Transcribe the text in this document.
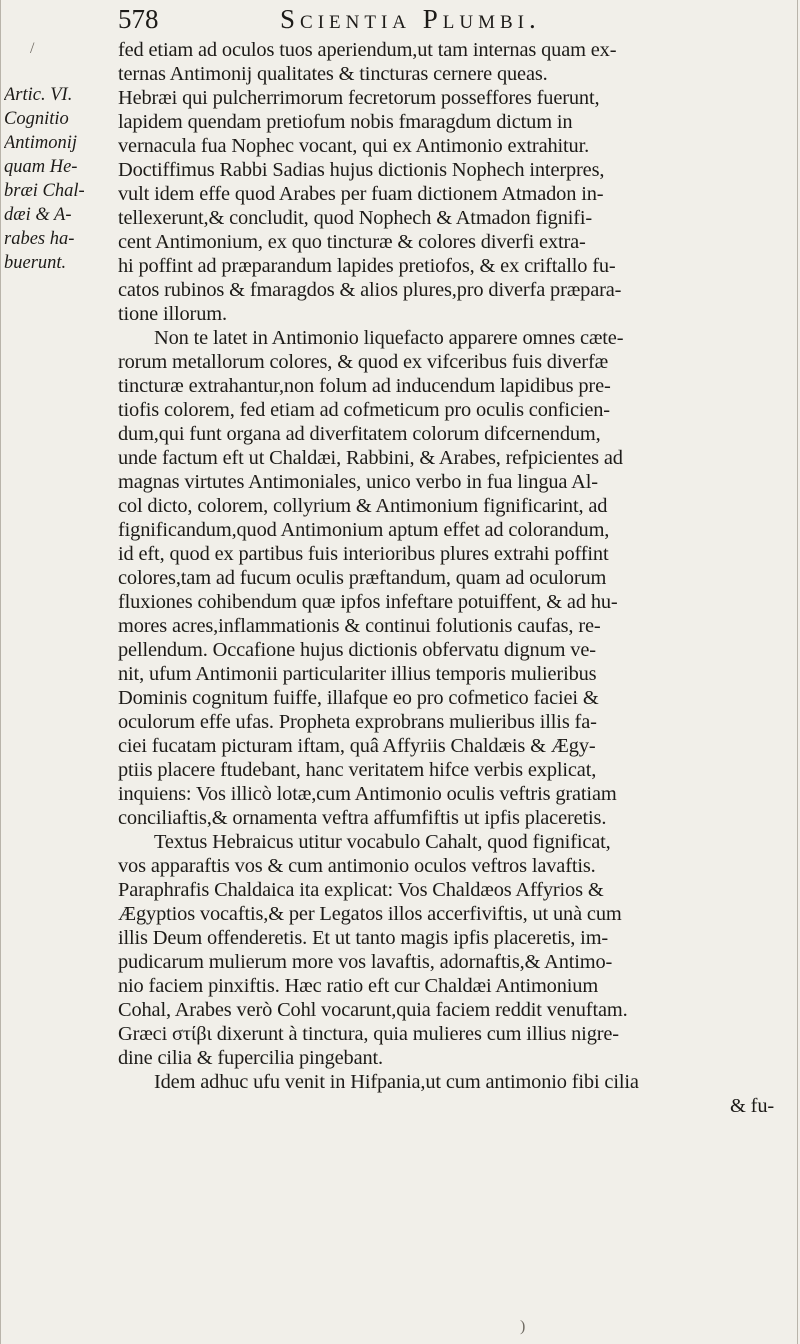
578	Scientia Plumbi.
/
Artic. VI.
Cognitio
Antimonij
quam He-
bræi Chal-
dæi & A-
rabes ha-
buerunt.
fed etiam ad oculos tuos aperiendum,ut tam internas quam ex-
ternas Antimonij qualitates & tincturas cernere queas.
Hebræi qui pulcherrimorum fecretorum posseffores fuerunt,
lapidem quendam pretiofum nobis fmaragdum dictum in
vernacula fua Nophec vocant, qui ex Antimonio extrahitur.
Doctiffimus Rabbi Sadias hujus dictionis Nophech interpres,
vult idem effe quod Arabes per fuam dictionem Atmadon in-
tellexerunt,& concludit, quod Nophech & Atmadon fignifi-
cent Antimonium, ex quo tincturæ & colores diverfi extra-
hi poffint ad præparandum lapides pretiofos, & ex criftallo fu-
catos rubinos & fmaragdos & alios plures,pro diverfa præpara-
tione illorum.
Non te latet in Antimonio liquefacto apparere omnes cæte-
rorum metallorum colores, & quod ex vifceribus fuis diverfæ
tincturæ extrahantur,non folum ad inducendum lapidibus pre-
tiofis colorem, fed etiam ad cofmeticum pro oculis conficien-
dum,qui funt organa ad diverfitatem colorum difcernendum,
unde factum eft ut Chaldæi, Rabbini, & Arabes, refpicientes ad
magnas virtutes Antimoniales, unico verbo in fua lingua Al-
col dicto, colorem, collyrium & Antimonium fignificarint, ad
fignificandum,quod Antimonium aptum effet ad colorandum,
id eft, quod ex partibus fuis interioribus plures extrahi poffint
colores,tam ad fucum oculis præftandum, quam ad oculorum
fluxiones cohibendum quæ ipfos infeftare potuiffent, & ad hu-
mores acres,inflammationis & continui folutionis caufas, re-
pellendum. Occafione hujus dictionis obfervatu dignum ve-
nit, ufum Antimonii particulariter illius temporis mulieribus
Dominis cognitum fuiffe, illafque eo pro cofmetico faciei &
oculorum effe ufas. Propheta exprobrans mulieribus illis fa-
ciei fucatam picturam iftam, quâ Affyriis Chaldæis & Ægy-
ptiis placere ftudebant, hanc veritatem hifce verbis explicat,
inquiens: Vos illicò lotæ,cum Antimonio oculis veftris gratiam
conciliaftis,& ornamenta veftra affumfiftis ut ipfis placeretis.
Textus Hebraicus utitur vocabulo Cahalt, quod fignificat,
vos apparaftis vos & cum antimonio oculos veftros lavaftis.
Paraphrafis Chaldaica ita explicat: Vos Chaldæos Affyrios &
Ægyptios vocaftis,& per Legatos illos accerfiviftis, ut unà cum
illis Deum offenderetis. Et ut tanto magis ipfis placeretis, im-
pudicarum mulierum more vos lavaftis, adornaftis,& Antimo-
nio faciem pinxiftis. Hæc ratio eft cur Chaldæi Antimonium
Cohal, Arabes verò Cohl vocarunt,quia faciem reddit venuftam.
Græci στίβι dixerunt à tinctura, quia mulieres cum illius nigre-
dine cilia & fupercilia pingebant.
Idem adhuc ufu venit in Hifpania,ut cum antimonio fibi cilia
& fu-
)
